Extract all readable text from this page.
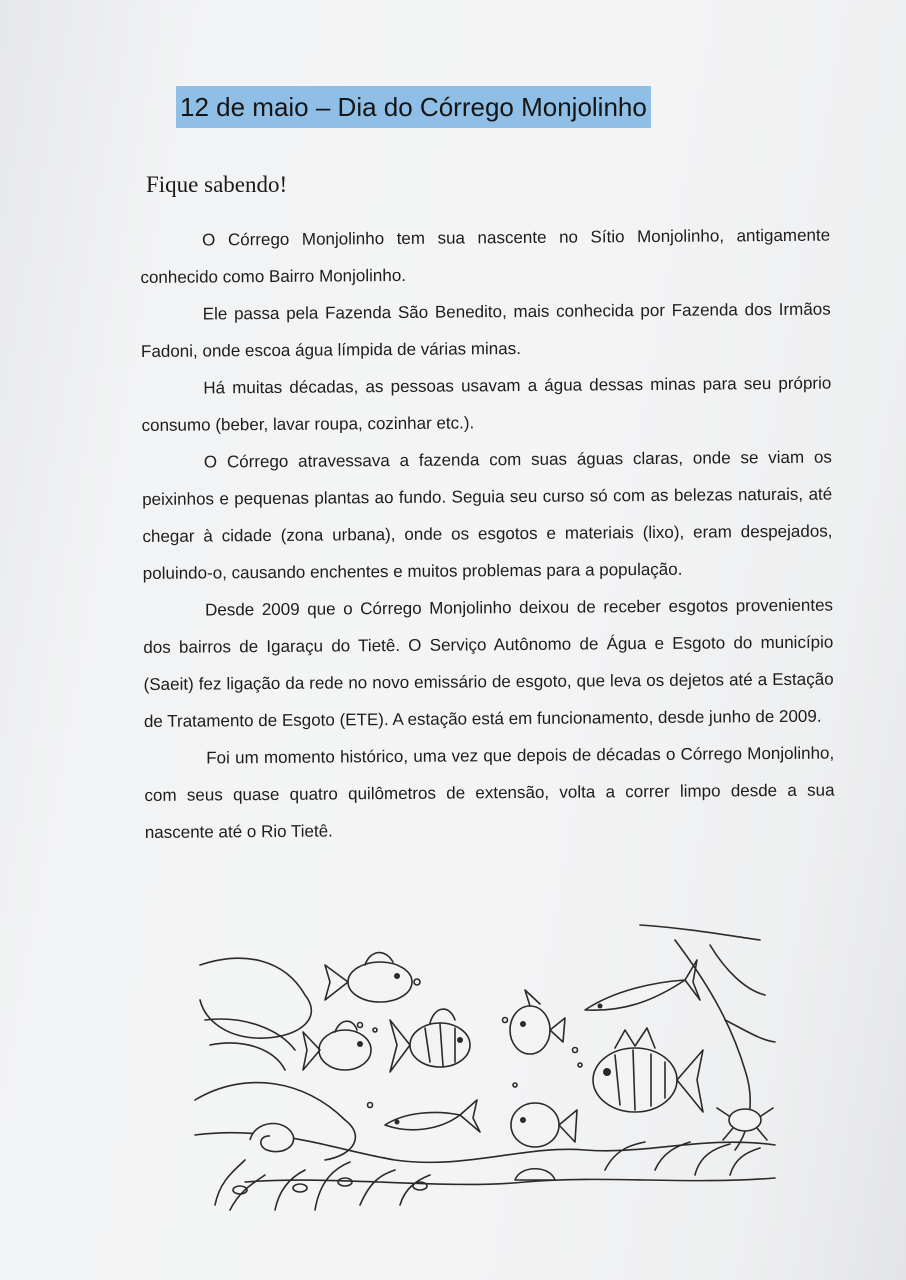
12 de maio – Dia do Córrego Monjolinho
Fique sabendo!

O Córrego Monjolinho tem sua nascente no Sítio Monjolinho, antigamente conhecido como Bairro Monjolinho.

Ele passa pela Fazenda São Benedito, mais conhecida por Fazenda dos Irmãos Fadoni, onde escoa água límpida de várias minas.

Há muitas décadas, as pessoas usavam a água dessas minas para seu próprio consumo (beber, lavar roupa, cozinhar etc.).

O Córrego atravessava a fazenda com suas águas claras, onde se viam os peixinhos e pequenas plantas ao fundo. Seguia seu curso só com as belezas naturais, até chegar à cidade (zona urbana), onde os esgotos e materiais (lixo), eram despejados, poluindo-o, causando enchentes e muitos problemas para a população.

Desde 2009 que o Córrego Monjolinho deixou de receber esgotos provenientes dos bairros de Igaraçu do Tietê. O Serviço Autônomo de Água e Esgoto do município (Saeit) fez ligação da rede no novo emissário de esgoto, que leva os dejetos até a Estação de Tratamento de Esgoto (ETE). A estação está em funcionamento, desde junho de 2009.

Foi um momento histórico, uma vez que depois de décadas o Córrego Monjolinho, com seus quase quatro quilômetros de extensão, volta a correr limpo desde a sua nascente até o Rio Tietê.
